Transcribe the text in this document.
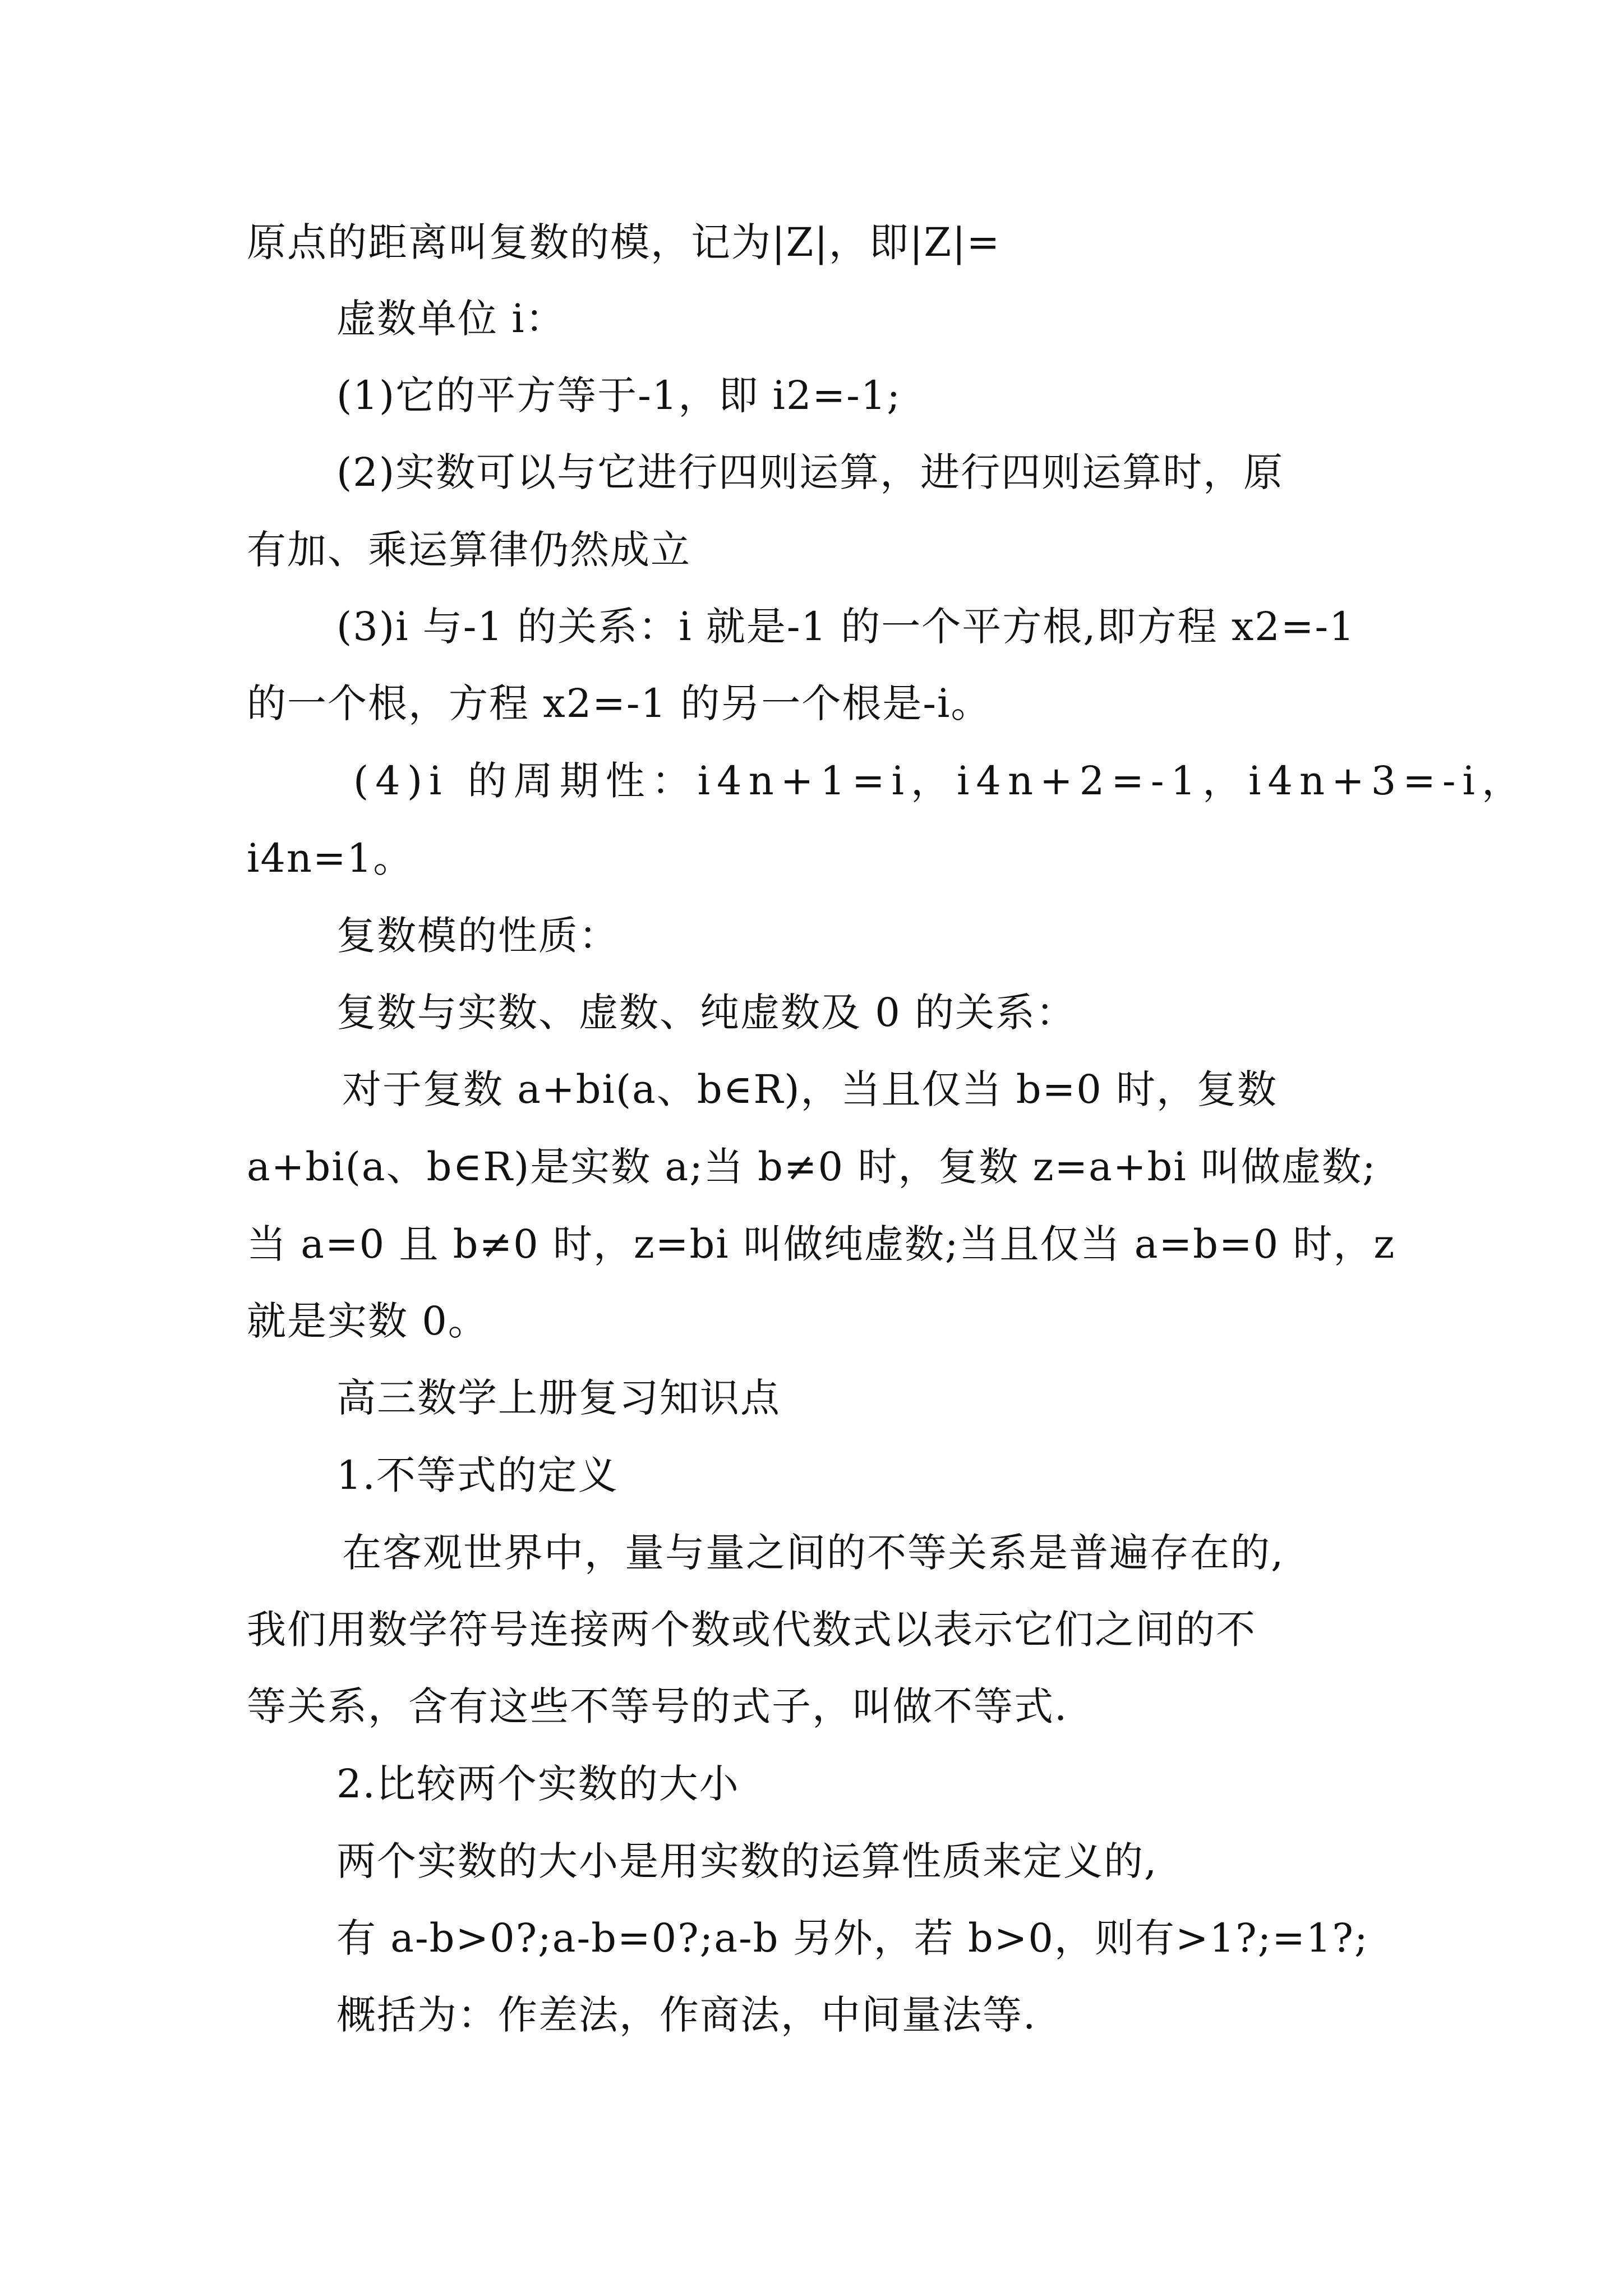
原点的距离叫复数的模，记为|Z|，即|Z|=
虚数单位 i：
(1)它的平方等于-1，即 i2=-1;
(2)实数可以与它进行四则运算，进行四则运算时，原
有加、乘运算律仍然成立
(3)i 与-1 的关系：i 就是-1 的一个平方根,即方程 x2=-1
的一个根，方程 x2=-1 的另一个根是-i。
(4)i 的周期性：i4n+1=i，i4n+2=-1，i4n+3=-i，
i4n=1。
复数模的性质：
复数与实数、虚数、纯虚数及 0 的关系：
对于复数 a+bi(a、b∈R)，当且仅当 b=0 时，复数
a+bi(a、b∈R)是实数 a;当 b≠0 时，复数 z=a+bi 叫做虚数;
当 a=0 且 b≠0 时，z=bi 叫做纯虚数;当且仅当 a=b=0 时，z
就是实数 0。
高三数学上册复习知识点
1.不等式的定义
在客观世界中，量与量之间的不等关系是普遍存在的,
我们用数学符号连接两个数或代数式以表示它们之间的不
等关系，含有这些不等号的式子，叫做不等式.
2.比较两个实数的大小
两个实数的大小是用实数的运算性质来定义的,
有 a-b>0?;a-b=0?;a-b 另外，若 b>0，则有>1?;=1?;
概括为：作差法，作商法，中间量法等.
